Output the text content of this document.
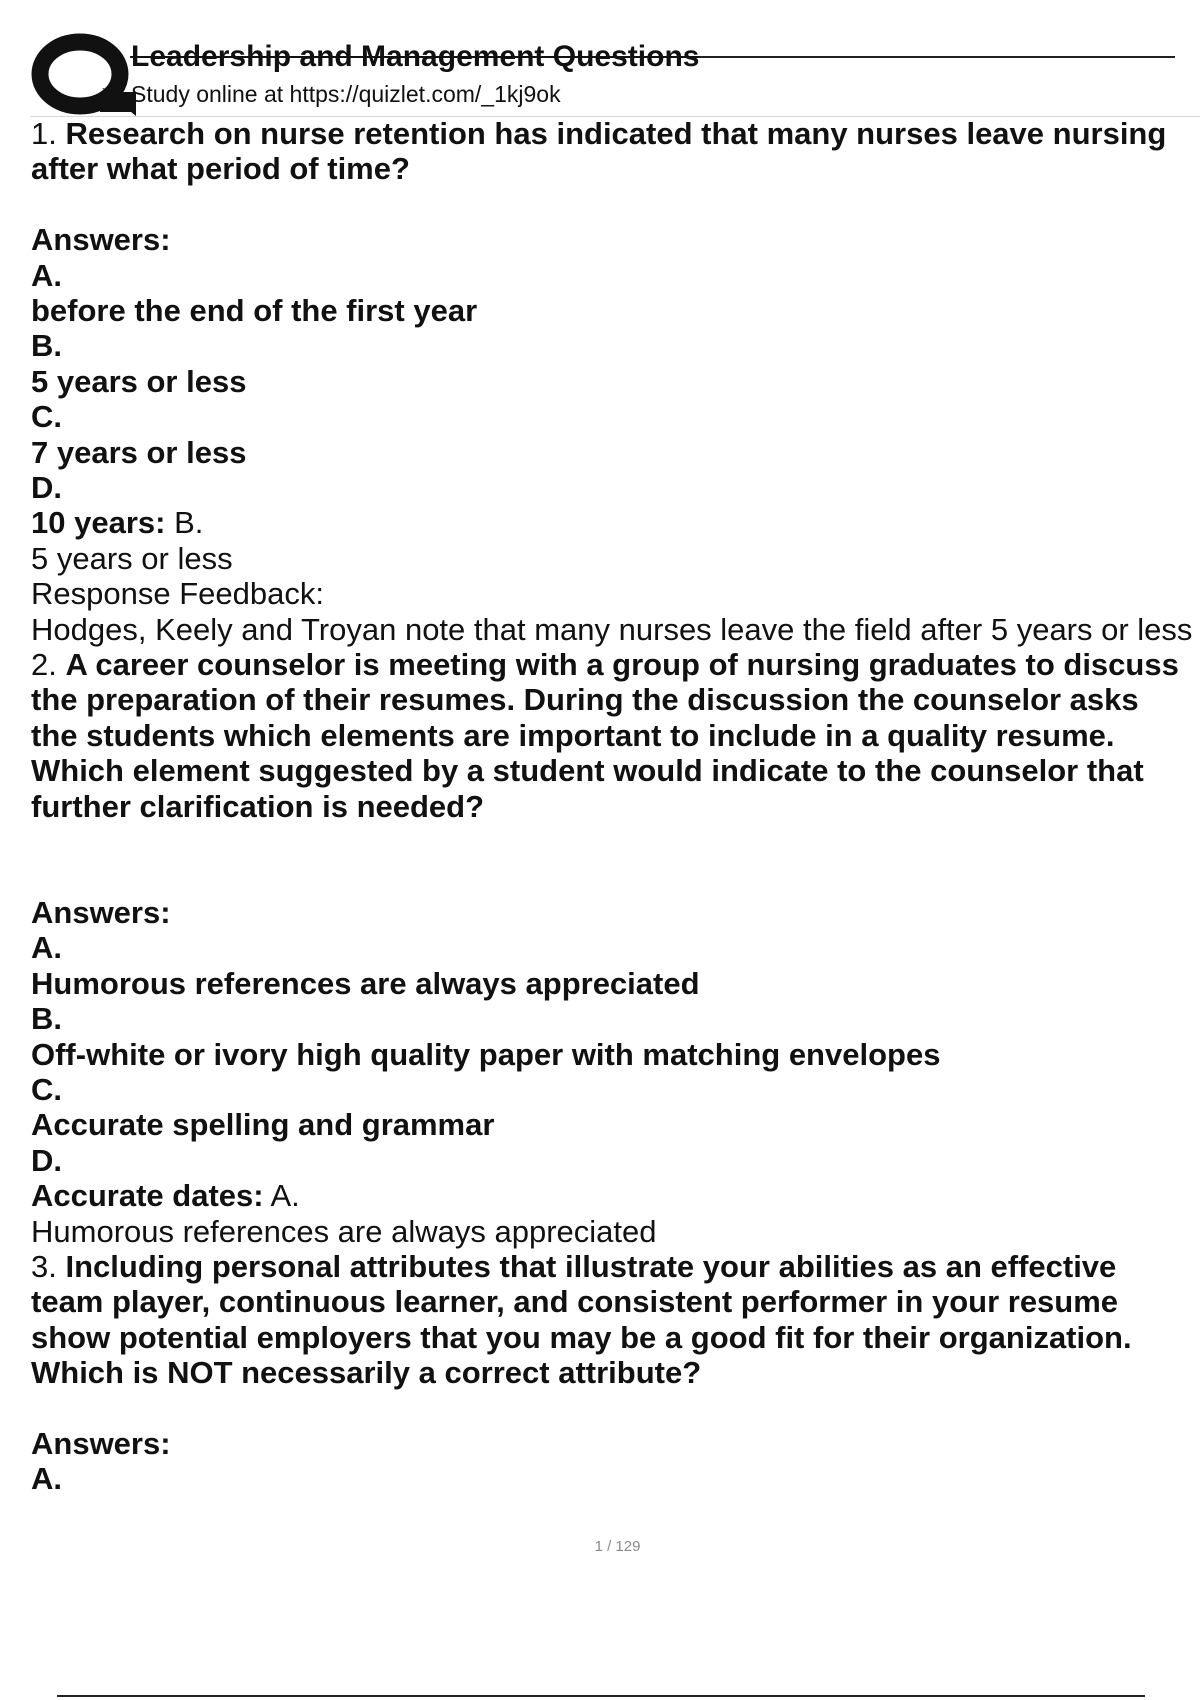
Leadership and Management Questions
Study online at https://quizlet.com/_1kj9ok
1. Research on nurse retention has indicated that many nurses leave nursing
after what period of time?
Answers:
A.
before the end of the first year
B.
5 years or less
C.
7 years or less
D.
10 years: B.
5 years or less
Response Feedback:
Hodges, Keely and Troyan note that many nurses leave the field after 5 years or less
2. A career counselor is meeting with a group of nursing graduates to discuss
the preparation of their resumes. During the discussion the counselor asks
the students which elements are important to include in a quality resume.
Which element suggested by a student would indicate to the counselor that
further clarification is needed?
Answers:
A.
Humorous references are always appreciated
B.
Off-white or ivory high quality paper with matching envelopes
C.
Accurate spelling and grammar
D.
Accurate dates: A.
Humorous references are always appreciated
3. Including personal attributes that illustrate your abilities as an effective
team player, continuous learner, and consistent performer in your resume
show potential employers that you may be a good fit for their organization.
Which is NOT necessarily a correct attribute?
Answers:
A.
1 / 129
